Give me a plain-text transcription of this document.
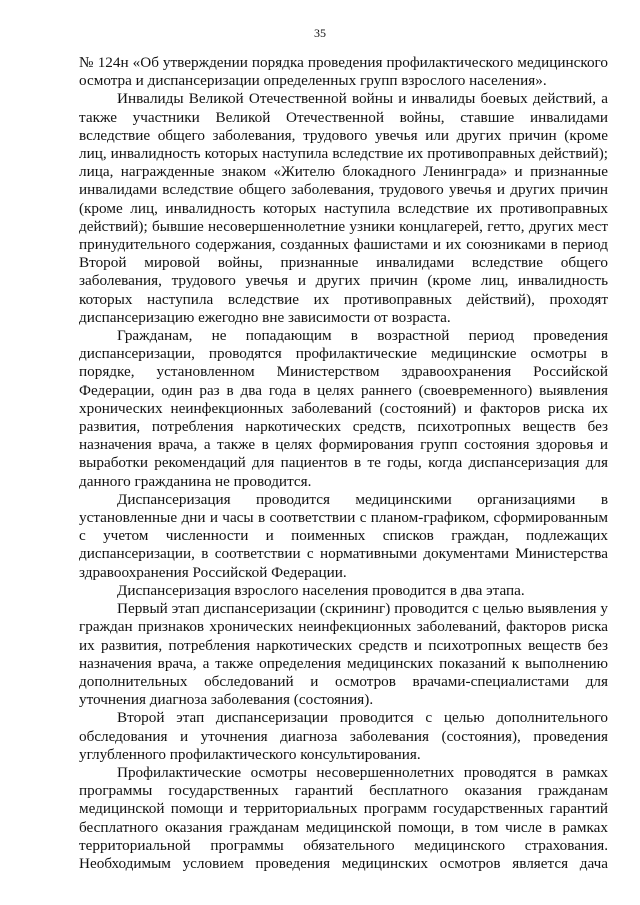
35

№ 124н «Об утверждении порядка проведения профилактического медицинского осмотра и диспансеризации определенных групп взрослого населения».

Инвалиды Великой Отечественной войны и инвалиды боевых действий, а также участники Великой Отечественной войны, ставшие инвалидами вследствие общего заболевания, трудового увечья или других причин (кроме лиц, инвалидность которых наступила вследствие их противоправных действий); лица, награжденные знаком «Жителю блокадного Ленинграда» и признанные инвалидами вследствие общего заболевания, трудового увечья и других причин (кроме лиц, инвалидность которых наступила вследствие их противоправных действий); бывшие несовершеннолетние узники концлагерей, гетто, других мест принудительного содержания, созданных фашистами и их союзниками в период Второй мировой войны, признанные инвалидами вследствие общего заболевания, трудового увечья и других причин (кроме лиц, инвалидность которых наступила вследствие их противоправных действий), проходят диспансеризацию ежегодно вне зависимости от возраста.

Гражданам, не попадающим в возрастной период проведения диспансеризации, проводятся профилактические медицинские осмотры в порядке, установленном Министерством здравоохранения Российской Федерации, один раз в два года в целях раннего (своевременного) выявления хронических неинфекционных заболеваний (состояний) и факторов риска их развития, потребления наркотических средств, психотропных веществ без назначения врача, а также в целях формирования групп состояния здоровья и выработки рекомендаций для пациентов в те годы, когда диспансеризация для данного гражданина не проводится.

Диспансеризация проводится медицинскими организациями в установленные дни и часы в соответствии с планом-графиком, сформированным с учетом численности и поименных списков граждан, подлежащих диспансеризации, в соответствии с нормативными документами Министерства здравоохранения Российской Федерации.

Диспансеризация взрослого населения проводится в два этапа.

Первый этап диспансеризации (скрининг) проводится с целью выявления у граждан признаков хронических неинфекционных заболеваний, факторов риска их развития, потребления наркотических средств и психотропных веществ без назначения врача, а также определения медицинских показаний к выполнению дополнительных обследований и осмотров врачами-специалистами для уточнения диагноза заболевания (состояния).

Второй этап диспансеризации проводится с целью дополнительного обследования и уточнения диагноза заболевания (состояния), проведения углубленного профилактического консультирования.

Профилактические осмотры несовершеннолетних проводятся в рамках программы государственных гарантий бесплатного оказания гражданам медицинской помощи и территориальных программ государственных гарантий бесплатного оказания гражданам медицинской помощи, в том числе в рамках территориальной программы обязательного медицинского страхования. Необходимым условием проведения медицинских осмотров является дача
